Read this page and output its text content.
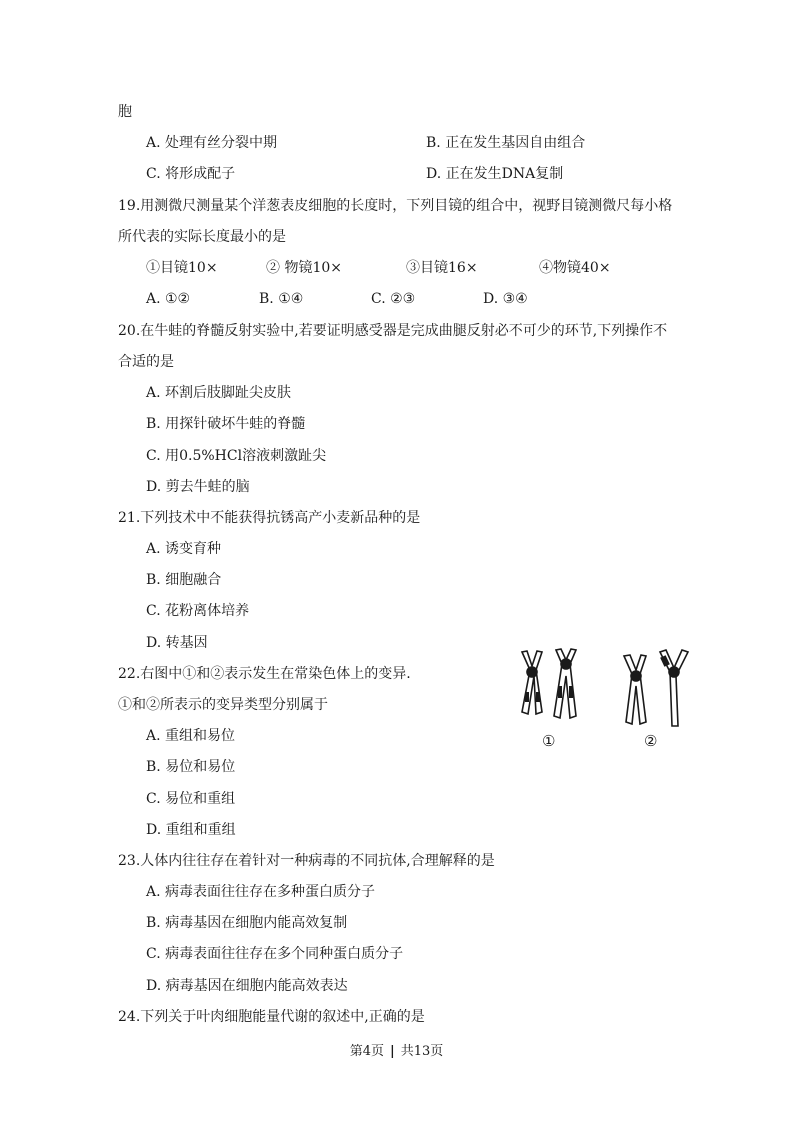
胞
A. 处理有丝分裂中期	B. 正在发生基因自由组合
C. 将形成配子	D. 正在发生DNA复制
19.用测微尺测量某个洋葱表皮细胞的长度时，下列目镜的组合中，视野目镜测微尺每小格
所代表的实际长度最小的是
①目镜10×	② 物镜10×	③目镜16×	④物镜40×
A. ①②	B. ①④	C. ②③	D. ③④
20.在牛蛙的脊髓反射实验中,若要证明感受器是完成曲腿反射必不可少的环节,下列操作不
合适的是
A. 环割后肢脚趾尖皮肤
B. 用探针破坏牛蛙的脊髓
C. 用0.5%HCl溶液刺激趾尖
D. 剪去牛蛙的脑
21.下列技术中不能获得抗锈高产小麦新品种的是
A. 诱变育种
B. 细胞融合
C. 花粉离体培养
D. 转基因
22.右图中①和②表示发生在常染色体上的变异.
①和②所表示的变异类型分别属于
A. 重组和易位
B. 易位和易位
C. 易位和重组
D. 重组和重组
①	②
23.人体内往往存在着针对一种病毒的不同抗体,合理解释的是
A. 病毒表面往往存在多种蛋白质分子
B. 病毒基因在细胞内能高效复制
C. 病毒表面往往存在多个同种蛋白质分子
D. 病毒基因在细胞内能高效表达
24.下列关于叶肉细胞能量代谢的叙述中,正确的是
第4页 | 共13页
